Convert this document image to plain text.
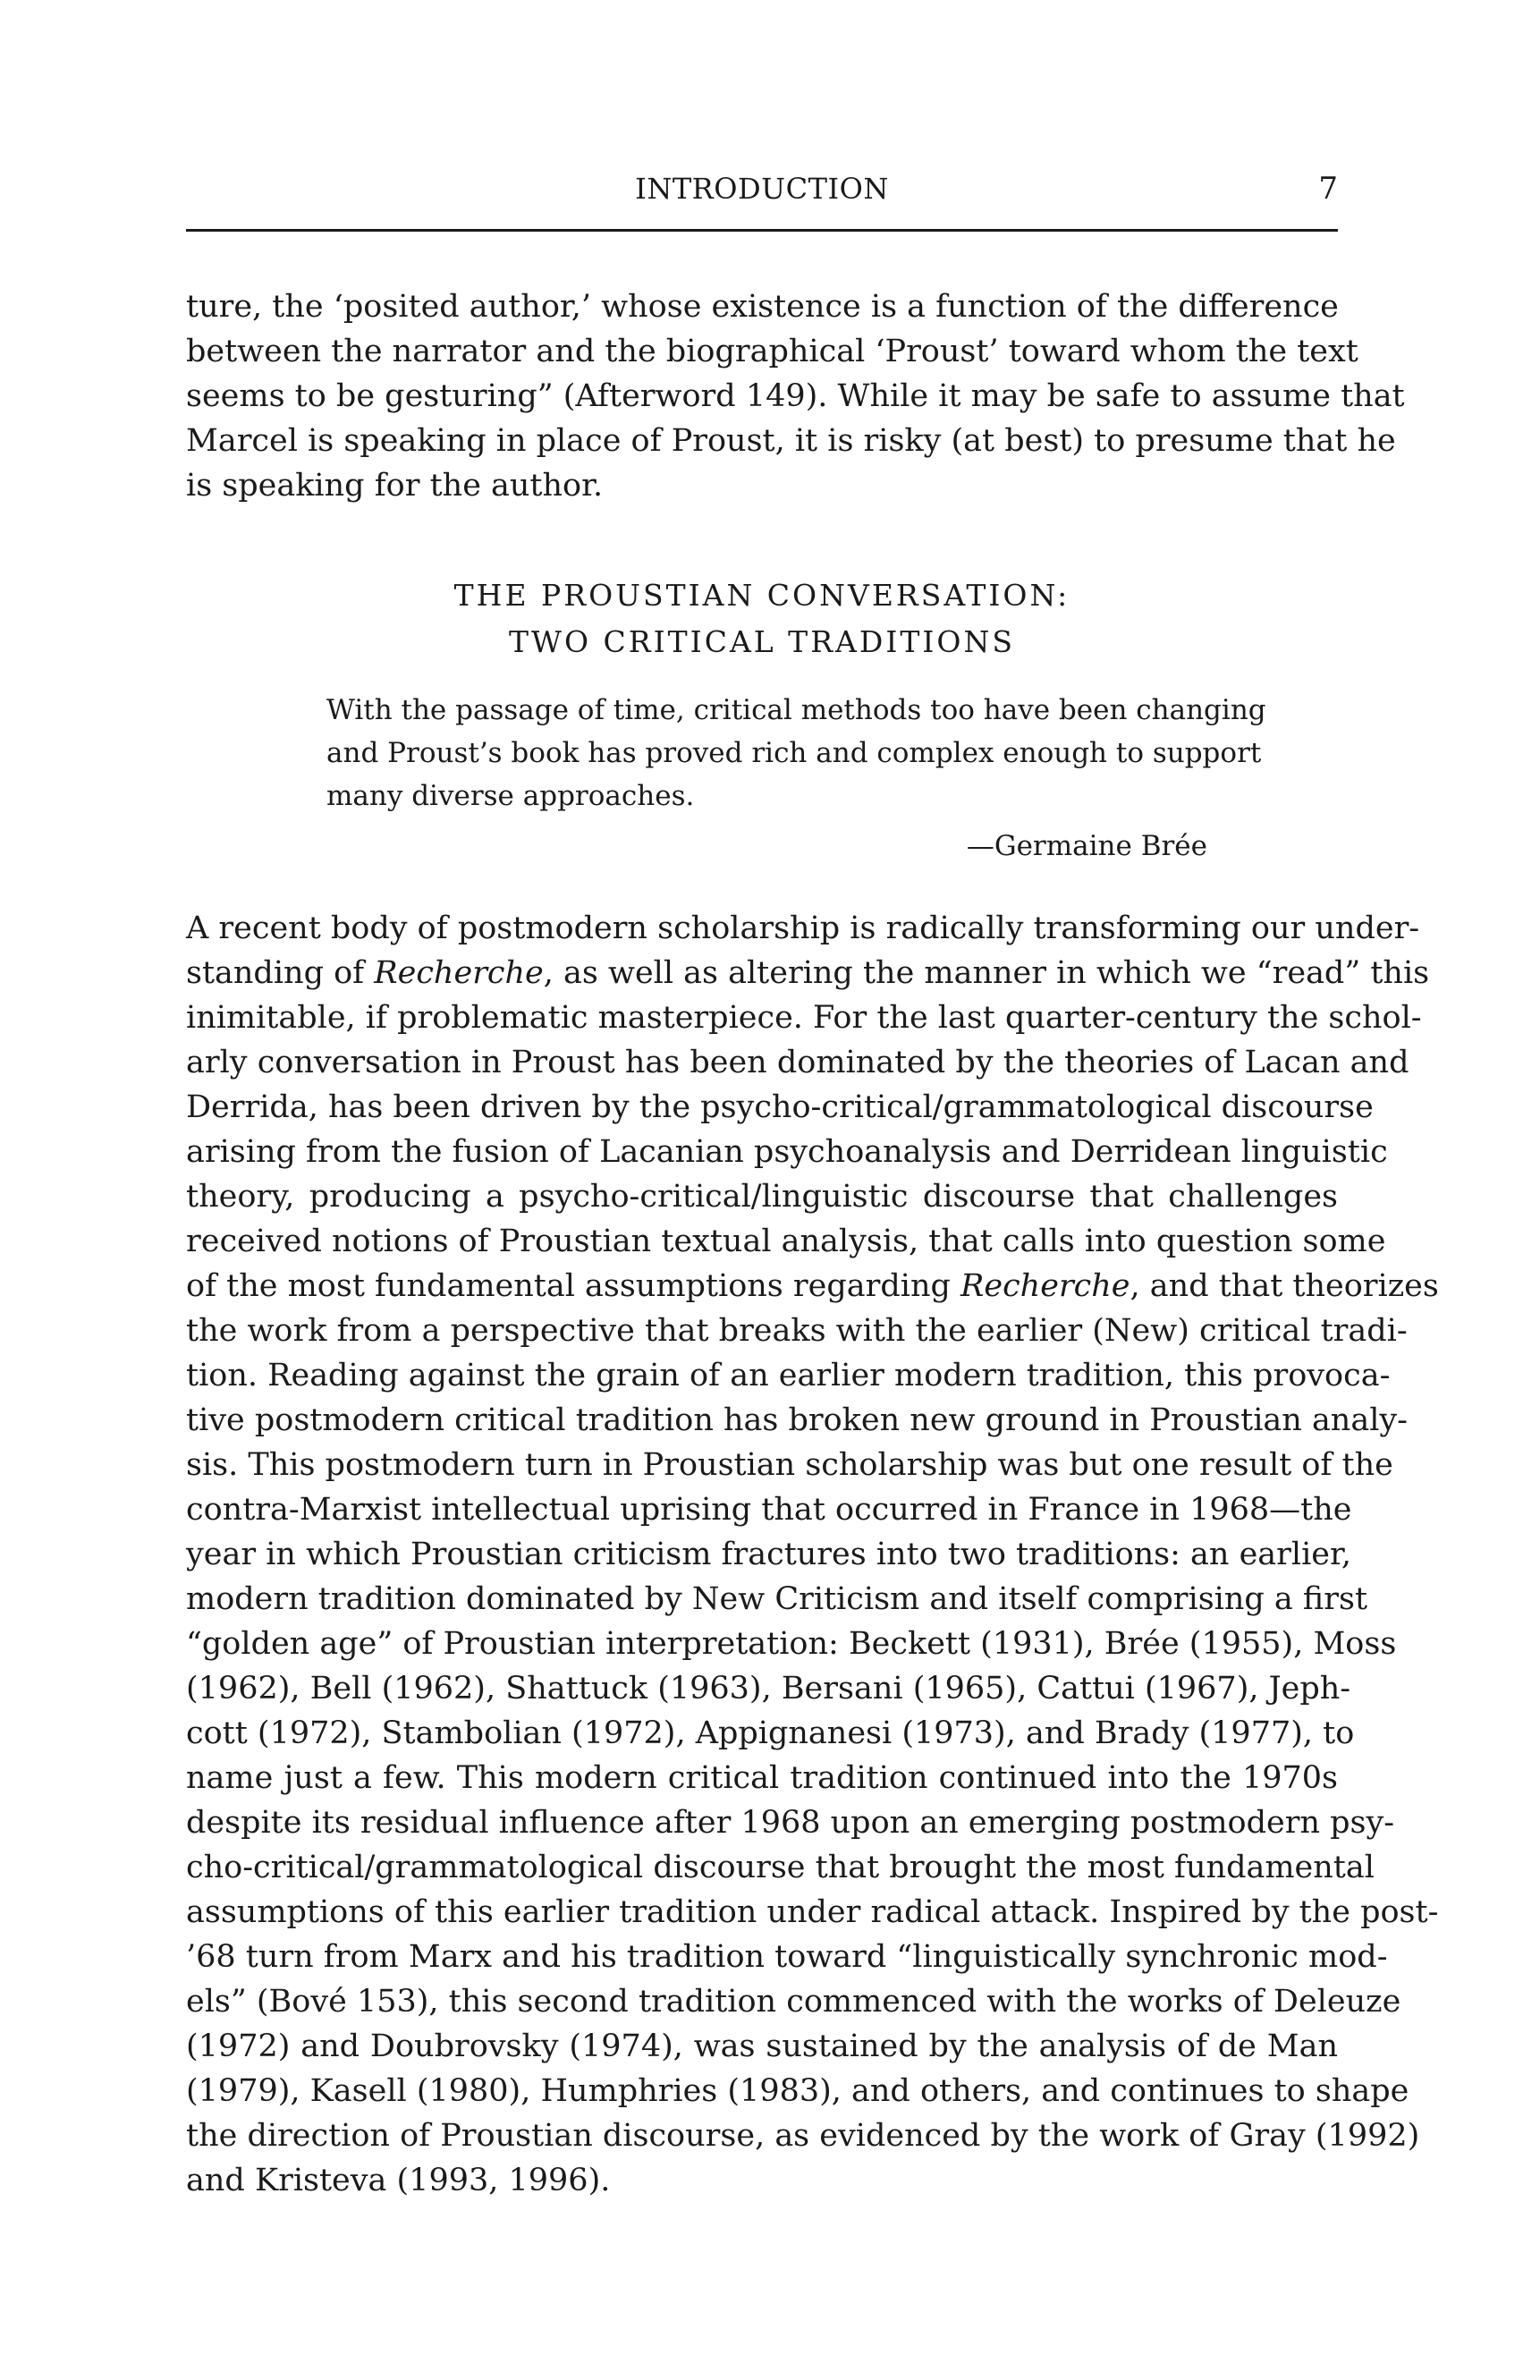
INTRODUCTION	7
ture, the ‘posited author,’ whose existence is a function of the difference
between the narrator and the biographical ‘Proust’ toward whom the text
seems to be gesturing” (Afterword 149). While it may be safe to assume that
Marcel is speaking in place of Proust, it is risky (at best) to presume that he
is speaking for the author.
THE PROUSTIAN CONVERSATION:
TWO CRITICAL TRADITIONS
With the passage of time, critical methods too have been changing
and Proust’s book has proved rich and complex enough to support
many diverse approaches.
—Germaine Brée
A recent body of postmodern scholarship is radically transforming our under-
standing of Recherche, as well as altering the manner in which we “read” this
inimitable, if problematic masterpiece. For the last quarter-century the schol-
arly conversation in Proust has been dominated by the theories of Lacan and
Derrida, has been driven by the psycho-critical/grammatological discourse
arising from the fusion of Lacanian psychoanalysis and Derridean linguistic
theory, producing a psycho-critical/linguistic discourse that challenges
received notions of Proustian textual analysis, that calls into question some
of the most fundamental assumptions regarding Recherche, and that theorizes
the work from a perspective that breaks with the earlier (New) critical tradi-
tion. Reading against the grain of an earlier modern tradition, this provoca-
tive postmodern critical tradition has broken new ground in Proustian analy-
sis. This postmodern turn in Proustian scholarship was but one result of the
contra-Marxist intellectual uprising that occurred in France in 1968—the
year in which Proustian criticism fractures into two traditions: an earlier,
modern tradition dominated by New Criticism and itself comprising a first
“golden age” of Proustian interpretation: Beckett (1931), Brée (1955), Moss
(1962), Bell (1962), Shattuck (1963), Bersani (1965), Cattui (1967), Jeph-
cott (1972), Stambolian (1972), Appignanesi (1973), and Brady (1977), to
name just a few. This modern critical tradition continued into the 1970s
despite its residual influence after 1968 upon an emerging postmodern psy-
cho-critical/grammatological discourse that brought the most fundamental
assumptions of this earlier tradition under radical attack. Inspired by the post-
’68 turn from Marx and his tradition toward “linguistically synchronic mod-
els” (Bové 153), this second tradition commenced with the works of Deleuze
(1972) and Doubrovsky (1974), was sustained by the analysis of de Man
(1979), Kasell (1980), Humphries (1983), and others, and continues to shape
the direction of Proustian discourse, as evidenced by the work of Gray (1992)
and Kristeva (1993, 1996).
